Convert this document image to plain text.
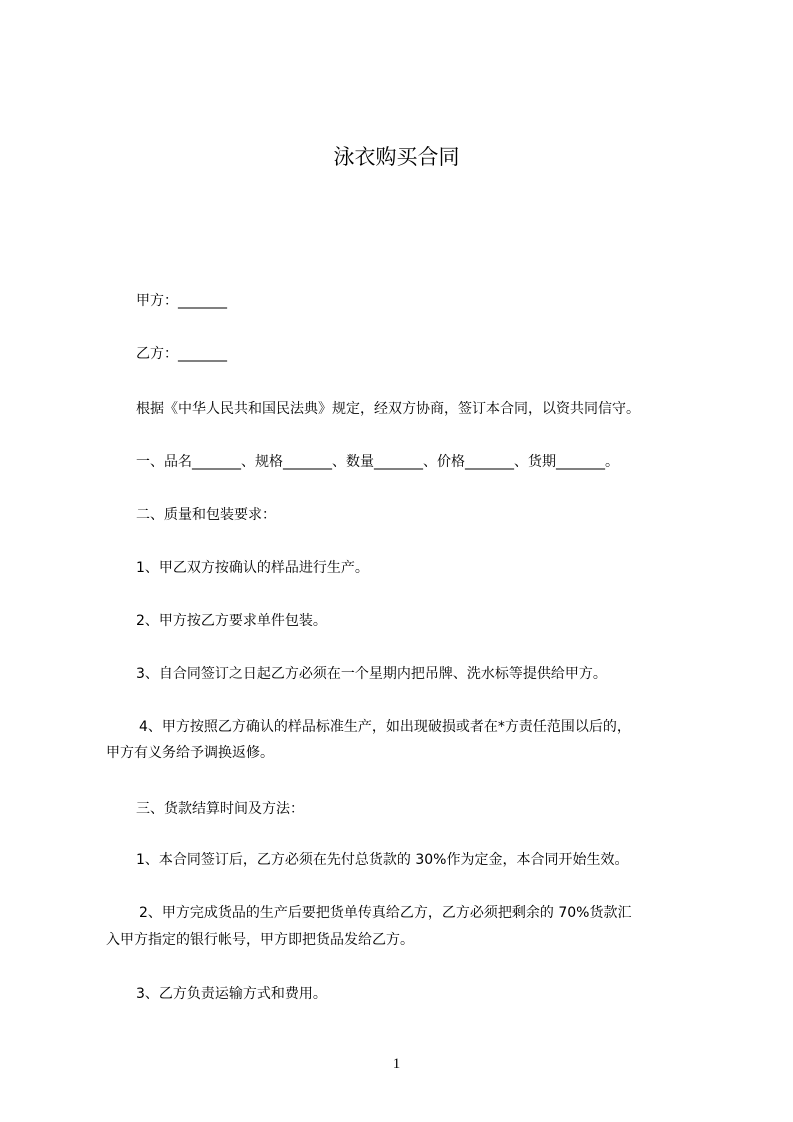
泳衣购买合同
甲方：_______
乙方：_______
根据《中华人民共和国民法典》规定，经双方协商，签订本合同，以资共同信守。
一、品名_______、规格_______、数量_______、价格_______、货期_______。
二、质量和包装要求：
1、甲乙双方按确认的样品进行生产。
2、甲方按乙方要求单件包装。
3、自合同签订之日起乙方必须在一个星期内把吊牌、洗水标等提供给甲方。
4、甲方按照乙方确认的样品标准生产，如出现破损或者在*方责任范围以后的，
甲方有义务给予调换返修。
三、货款结算时间及方法：
1、本合同签订后，乙方必须在先付总货款的 30%作为定金，本合同开始生效。
2、甲方完成货品的生产后要把货单传真给乙方，乙方必须把剩余的 70%货款汇
入甲方指定的银行帐号，甲方即把货品发给乙方。
3、乙方负责运输方式和费用。
1
